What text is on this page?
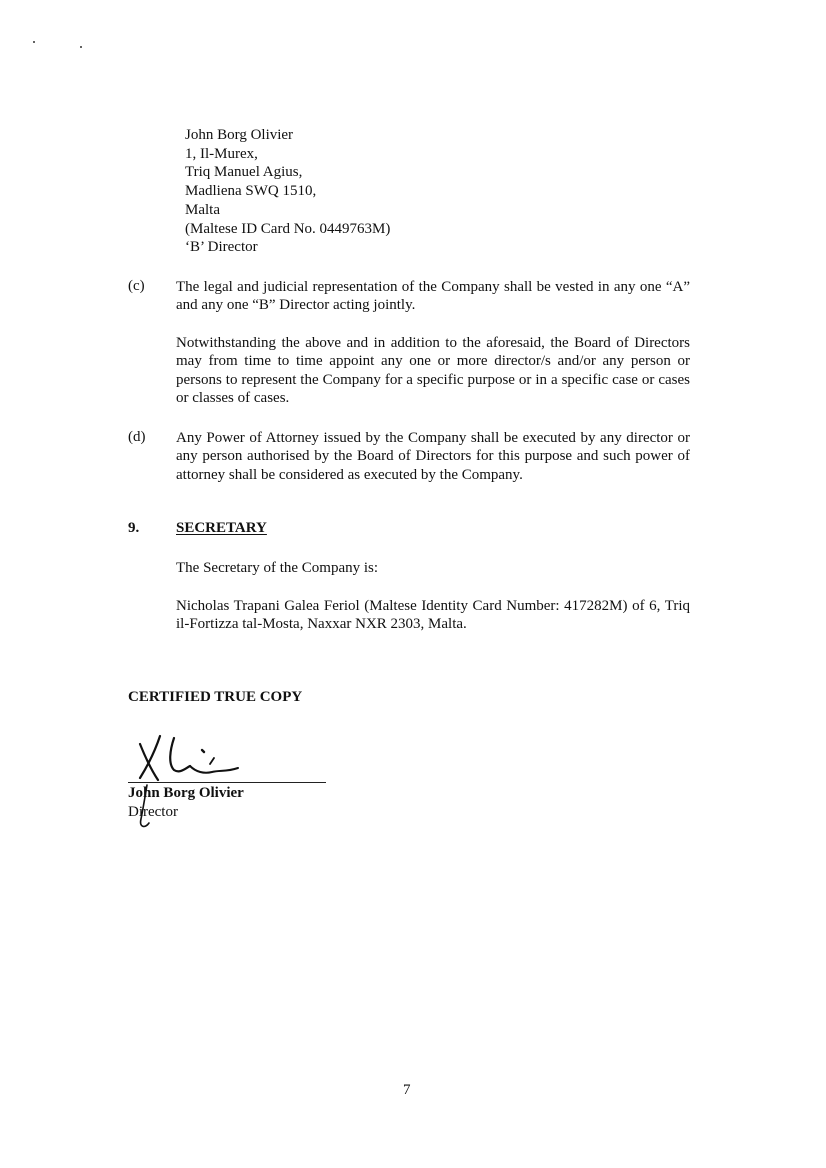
John Borg Olivier
1, Il-Murex,
Triq Manuel Agius,
Madliena SWQ 1510,
Malta
(Maltese ID Card No. 0449763M)
‘B’ Director
(c) The legal and judicial representation of the Company shall be vested in any one “A” and any one “B” Director acting jointly.
Notwithstanding the above and in addition to the aforesaid, the Board of Directors may from time to time appoint any one or more director/s and/or any person or persons to represent the Company for a specific purpose or in a specific case or cases or classes of cases.
(d) Any Power of Attorney issued by the Company shall be executed by any director or any person authorised by the Board of Directors for this purpose and such power of attorney shall be considered as executed by the Company.
9. SECRETARY
The Secretary of the Company is:
Nicholas Trapani Galea Feriol (Maltese Identity Card Number: 417282M) of 6, Triq il-Fortizza tal-Mosta, Naxxar NXR 2303, Malta.
CERTIFIED TRUE COPY
John Borg Olivier
Director
7
